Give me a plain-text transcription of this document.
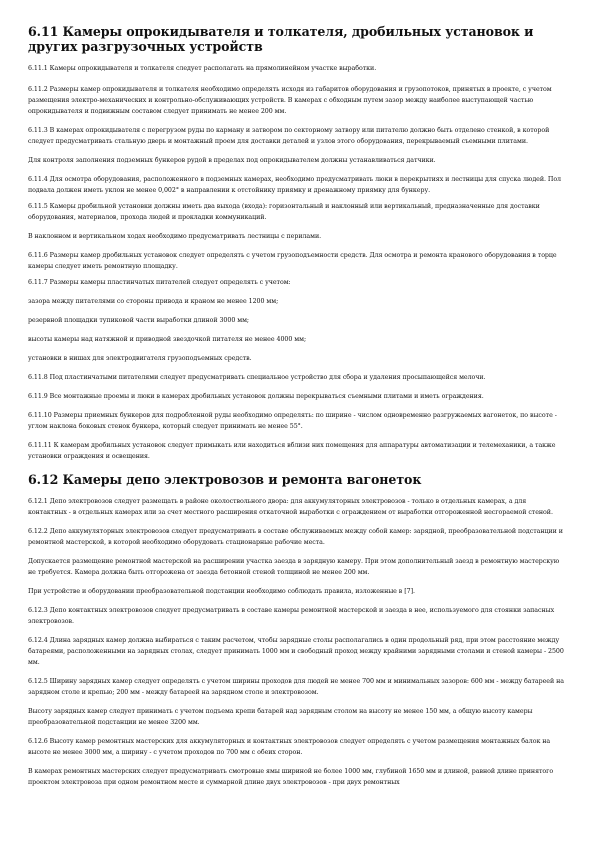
6.11 Камеры опрокидывателя и толкателя, дробильных установок и других разгрузочных устройств

6.11.1 Камеры опрокидывателя и толкателя следует располагать на прямолинейном участке выработки.

6.11.2 Размеры камер опрокидывателя и толкателя необходимо определять исходя из габаритов оборудования и грузопотоков, принятых в проекте, с учетом размещения электро-механических и контрольно-обслуживающих устройств. В камерах с обходным путем зазор между наиболее выступающей частью опрокидывателя и подвижным составом следует принимать не менее 200 мм.

6.11.3 В камерах опрокидывателя с перегрузом руды по карману и затвором по секторному затвору или питателю должно быть отделено стенкой, в которой следует предусматривать стальную дверь и монтажный проем для доставки деталей и узлов этого оборудования, перекрываемый съемными плитами.

Для контроля заполнения подземных бункеров рудой в пределах под опрокидывателем должны устанавливаться датчики.

6.11.4 Для осмотра оборудования, расположенного в подземных камерах, необходимо предусматривать люки в перекрытиях и лестницы для спуска людей. Пол подвала должен иметь уклон не менее 0,002° в направлении к отстойнику приямку и дренажному приямку для бункеру.

6.11.5 Камеры дробильной установки должны иметь два выхода (входа): горизонтальный и наклонный или вертикальный, предназначенные для доставки оборудования, материалов, прохода людей и прокладки коммуникаций.

В наклонном и вертикальном ходах необходимо предусматривать лестницы с перилами.

6.11.6 Размеры камер дробильных установок следует определять с учетом грузоподъемности средств. Для осмотра и ремонта кранового оборудования в торце камеры следует иметь ремонтную площадку.

6.11.7 Размеры камеры пластинчатых питателей следует определять с учетом:

зазора между питателями со стороны привода и краном не менее 1200 мм;

резервной площадки тупиковой части выработки длиной 3000 мм;

высоты камеры над натяжной и приводной звездочкой питателя не менее 4000 мм;

установки в нишах для электродвигателя грузоподъемных средств.

6.11.8 Под пластинчатыми питателями следует предусматривать специальное устройство для сбора и удаления просыпающейся мелочи.

6.11.9 Все монтажные проемы и люки в камерах дробильных установок должны перекрываться съемными плитами и иметь ограждения.

6.11.10 Размеры приемных бункеров для подробленной руды необходимо определять: по ширине - числом одновременно разгружаемых вагонеток, по высоте - углом наклона боковых стенок бункера, который следует принимать не менее 55°.

6.11.11 К камерам дробильных установок следует примыкать или находиться вблизи них помещения для аппаратуры автоматизации и телемеханики, а также установки ограждения и освещения.

6.12 Камеры депо электровозов и ремонта вагонеток

6.12.1 Депо электровозов следует размещать в районе околоствольного двора: для аккумуляторных электровозов - только в отдельных камерах, а для контактных - в отдельных камерах или за счет местного расширения откаточной выработки с ограждением от выработки отгороженной несгораемой стеной.

6.12.2 Депо аккумуляторных электровозов следует предусматривать в составе обслуживаемых между собой камер: зарядной, преобразовательной подстанции и ремонтной мастерской, в которой необходимо оборудовать стационарные рабочие места.

Допускается размещение ремонтной мастерской на расширении участка заезда в зарядную камеру. При этом дополнительный заезд в ремонтную мастерскую не требуется. Камера должна быть отгорожена от заезда бетонной стеной толщиной не менее 200 мм.

При устройстве и оборудовании преобразовательной подстанции необходимо соблюдать правила, изложенные в [7].

6.12.3 Депо контактных электровозов следует предусматривать в составе камеры ремонтной мастерской и заезда в нее, используемого для стоянки запасных электровозов.

6.12.4 Длина зарядных камер должна выбираться с таким расчетом, чтобы зарядные столы располагались в один продольный ряд, при этом расстояние между батареями, расположенными на зарядных столах, следует принимать 1000 мм и свободный проход между крайними зарядными столами и стеной камеры - 2500 мм.

6.12.5 Ширину зарядных камер следует определять с учетом ширины проходов для людей не менее 700 мм и минимальных зазоров: 600 мм - между батареей на зарядном столе и крепью; 200 мм - между батареей на зарядном столе и электровозом.

Высоту зарядных камер следует принимать с учетом подъема крепи батарей над зарядным столом на высоту не менее 150 мм, а общую высоту камеры преобразовательной подстанции не менее 3200 мм.

6.12.6 Высоту камер ремонтных мастерских для аккумуляторных и контактных электровозов следует определять с учетом размещения монтажных балок на высоте не менее 3000 мм, а ширину - с учетом проходов по 700 мм с обеих сторон.

В камерах ремонтных мастерских следует предусматривать смотровые ямы шириной не более 1000 мм, глубиной 1650 мм и длиной, равной длине принятого проектом электровоза при одном ремонтном месте и суммарной длине двух электровозов - при двух ремонтных
